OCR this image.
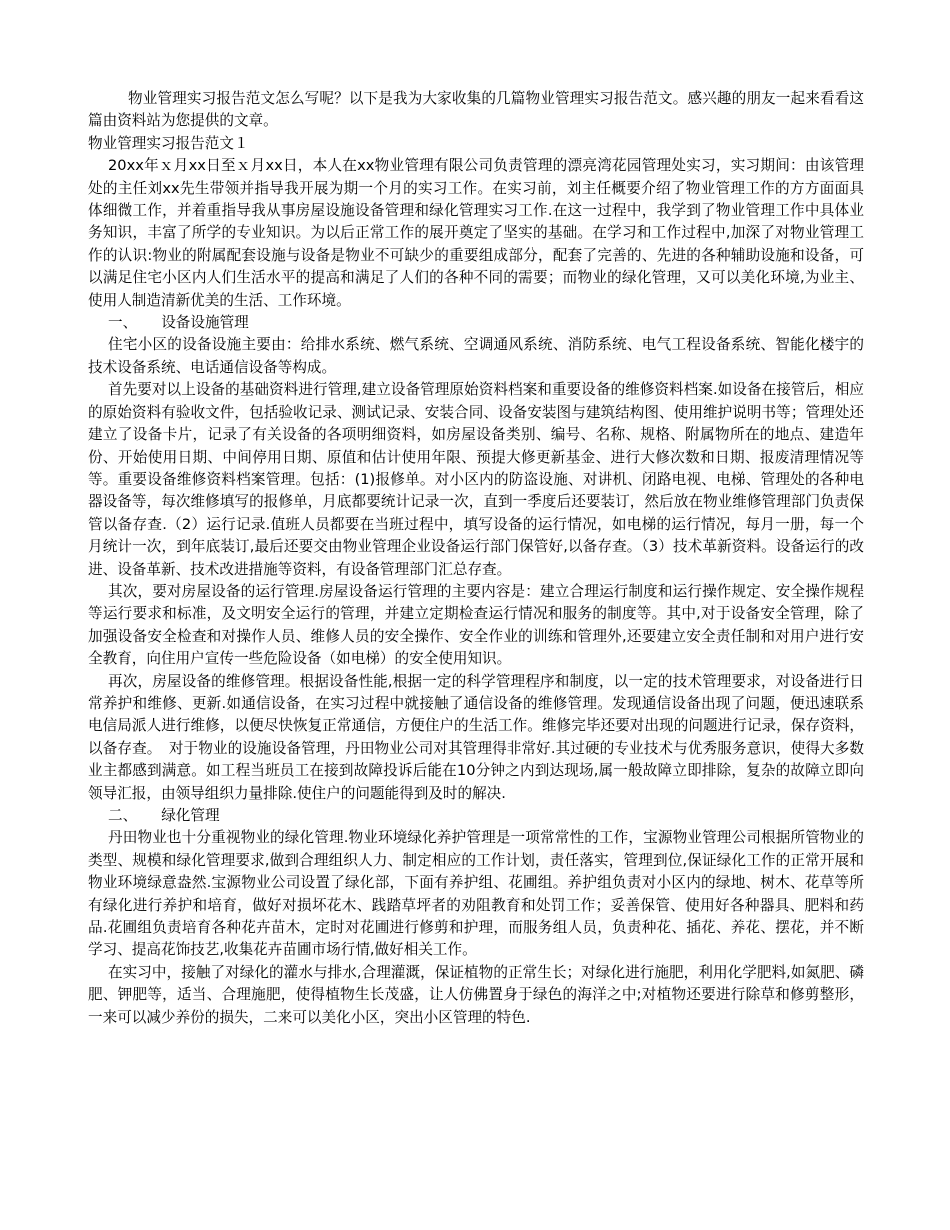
物业管理实习报告范文怎么写呢？以下是我为大家收集的几篇物业管理实习报告范文。感兴趣的朋友一起来看看这篇由资料站为您提供的文章。

物业管理实习报告范文１

20xx年ｘ月xx日至ｘ月xx日，本人在xx物业管理有限公司负责管理的漂亮湾花园管理处实习，实习期间：由该管理处的主任刘xx先生带领并指导我开展为期一个月的实习工作。在实习前，刘主任概要介绍了物业管理工作的方方面面具体细微工作，并着重指导我从事房屋设施设备管理和绿化管理实习工作.在这一过程中，我学到了物业管理工作中具体业务知识，丰富了所学的专业知识。为以后正常工作的展开奠定了坚实的基础。在学习和工作过程中,加深了对物业管理工作的认识:物业的附属配套设施与设备是物业不可缺少的重要组成部分，配套了完善的、先进的各种辅助设施和设备，可以满足住宅小区内人们生活水平的提高和满足了人们的各种不同的需要；而物业的绿化管理，又可以美化环境,为业主、使用人制造清新优美的生活、工作环境。

一、 设备设施管理

住宅小区的设备设施主要由：给排水系统、燃气系统、空调通风系统、消防系统、电气工程设备系统、智能化楼宇的技术设备系统、电话通信设备等构成。

首先要对以上设备的基础资料进行管理,建立设备管理原始资料档案和重要设备的维修资料档案.如设备在接管后，相应的原始资料有验收文件，包括验收记录、测试记录、安装合同、设备安装图与建筑结构图、使用维护说明书等；管理处还建立了设备卡片，记录了有关设备的各项明细资料，如房屋设备类别、编号、名称、规格、附属物所在的地点、建造年份、开始使用日期、中间停用日期、原值和估计使用年限、预提大修更新基金、进行大修次数和日期、报废清理情况等等。重要设备维修资料档案管理。包括：(1)报修单。对小区内的防盗设施、对讲机、闭路电视、电梯、管理处的各种电器设备等，每次维修填写的报修单，月底都要统计记录一次，直到一季度后还要装订，然后放在物业维修管理部门负责保管以备存查.（2）运行记录.值班人员都要在当班过程中，填写设备的运行情况，如电梯的运行情况，每月一册，每一个月统计一次，到年底装订,最后还要交由物业管理企业设备运行部门保管好,以备存查。（3）技术革新资料。设备运行的改进、设备革新、技术改进措施等资料，有设备管理部门汇总存查。

其次，要对房屋设备的运行管理.房屋设备运行管理的主要内容是：建立合理运行制度和运行操作规定、安全操作规程等运行要求和标准，及文明安全运行的管理，并建立定期检查运行情况和服务的制度等。其中,对于设备安全管理，除了加强设备安全检查和对操作人员、维修人员的安全操作、安全作业的训练和管理外,还要建立安全责任制和对用户进行安全教育，向住用户宣传一些危险设备（如电梯）的安全使用知识。

再次，房屋设备的维修管理。根据设备性能,根据一定的科学管理程序和制度，以一定的技术管理要求，对设备进行日常养护和维修、更新.如通信设备，在实习过程中就接触了通信设备的维修管理。发现通信设备出现了问题，便迅速联系电信局派人进行维修，以便尽快恢复正常通信，方便住户的生活工作。维修完毕还要对出现的问题进行记录，保存资料，以备存查。　对于物业的设施设备管理，丹田物业公司对其管理得非常好.其过硬的专业技术与优秀服务意识，使得大多数业主都感到满意。如工程当班员工在接到故障投诉后能在10分钟之内到达现场,属一般故障立即排除，复杂的故障立即向领导汇报，由领导组织力量排除.使住户的问题能得到及时的解决.

二、 绿化管理

丹田物业也十分重视物业的绿化管理.物业环境绿化养护管理是一项常常性的工作，宝源物业管理公司根据所管物业的类型、规模和绿化管理要求,做到合理组织人力、制定相应的工作计划，责任落实，管理到位,保证绿化工作的正常开展和物业环境绿意盎然.宝源物业公司设置了绿化部，下面有养护组、花圃组。养护组负责对小区内的绿地、树木、花草等所有绿化进行养护和培育，做好对损坏花木、践踏草坪者的劝阻教育和处罚工作；妥善保管、使用好各种器具、肥料和药品.花圃组负责培育各种花卉苗木，定时对花圃进行修剪和护理，而服务组人员，负责种花、插花、养花、摆花，并不断学习、提高花饰技艺,收集花卉苗圃市场行情,做好相关工作。

在实习中，接触了对绿化的灌水与排水,合理灌溉，保证植物的正常生长；对绿化进行施肥，利用化学肥料,如氮肥、磷肥、钾肥等，适当、合理施肥，使得植物生长茂盛，让人仿佛置身于绿色的海洋之中;对植物还要进行除草和修剪整形，一来可以减少养份的损失，二来可以美化小区，突出小区管理的特色.
